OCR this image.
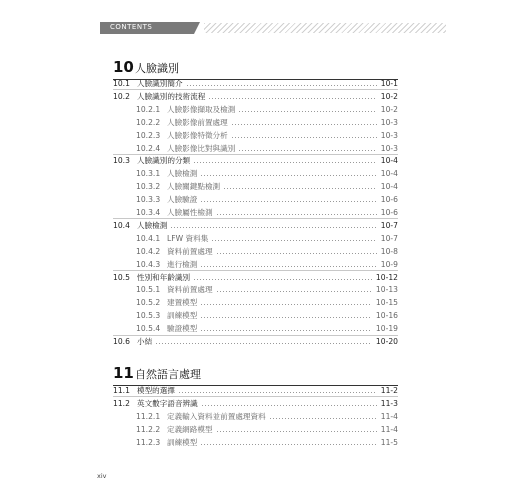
CONTENTS
10 人臉識別
10.1 人臉識別簡介	10-1
10.2 人臉識別的技術流程	10-2
10.2.1 人臉影像擷取及檢測	10-2
10.2.2 人臉影像前置處理	10-3
10.2.3 人臉影像特徵分析	10-3
10.2.4 人臉影像比對與識別	10-3
10.3 人臉識別的分類	10-4
10.3.1 人臉檢測	10-4
10.3.2 人臉關鍵點檢測	10-4
10.3.3 人臉驗證	10-6
10.3.4 人臉屬性檢測	10-6
10.4 人臉檢測	10-7
10.4.1 LFW 資料集	10-7
10.4.2 資料前置處理	10-8
10.4.3 進行檢測	10-9
10.5 性別和年齡識別	10-12
10.5.1 資料前置處理	10-13
10.5.2 建置模型	10-15
10.5.3 訓練模型	10-16
10.5.4 驗證模型	10-19
10.6 小結	10-20
11 自然語言處理
11.1 模型的選擇	11-2
11.2 英文數字語音辨識	11-3
11.2.1 定義輸入資料並前置處理資料	11-4
11.2.2 定義網路模型	11-4
11.2.3 訓練模型	11-5
xiv
